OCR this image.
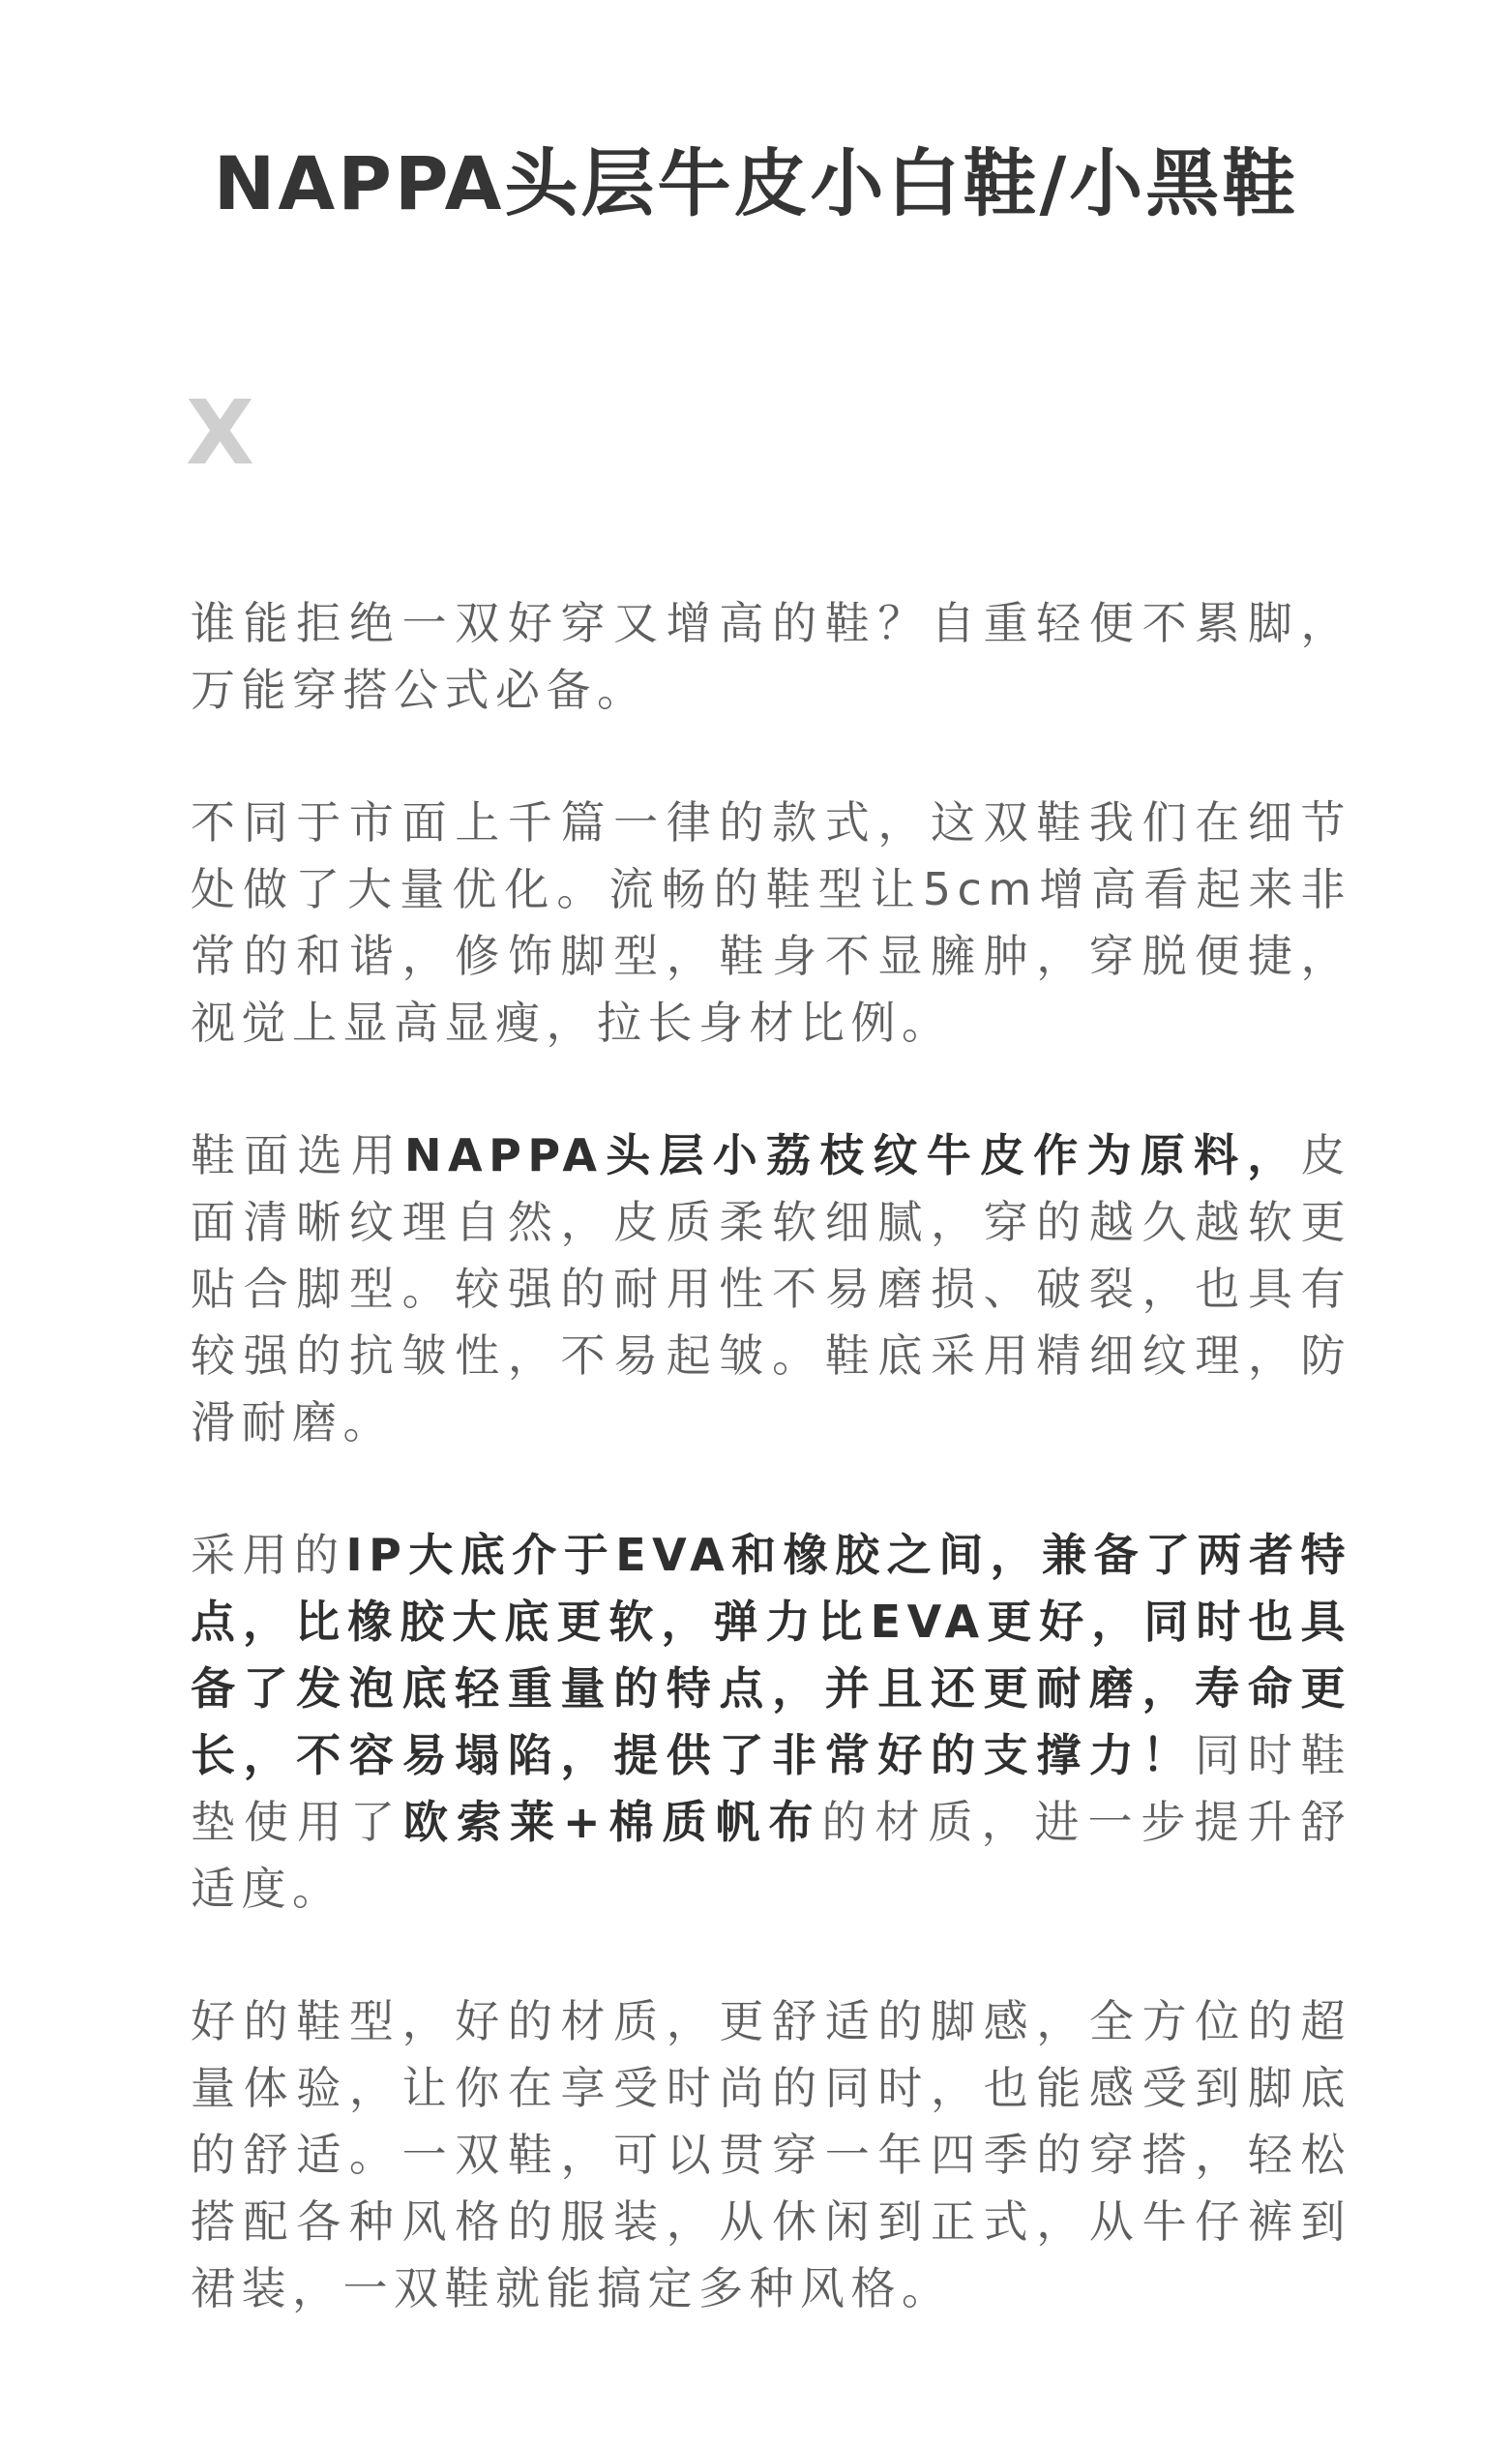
NAPPA头层牛皮小白鞋/小黑鞋
X

谁能拒绝一双好穿又增高的鞋？自重轻便不累脚，万能穿搭公式必备。

不同于市面上千篇一律的款式，这双鞋我们在细节处做了大量优化。流畅的鞋型让5cm增高看起来非常的和谐，修饰脚型，鞋身不显臃肿，穿脱便捷，视觉上显高显瘦，拉长身材比例。

鞋面选用NAPPA头层小荔枝纹牛皮作为原料，皮面清晰纹理自然，皮质柔软细腻，穿的越久越软更贴合脚型。较强的耐用性不易磨损、破裂，也具有较强的抗皱性，不易起皱。鞋底采用精细纹理，防滑耐磨。

采用的IP大底介于EVA和橡胶之间，兼备了两者特点，比橡胶大底更软，弹力比EVA更好，同时也具备了发泡底轻重量的特点，并且还更耐磨，寿命更长，不容易塌陷，提供了非常好的支撑力！同时鞋垫使用了欧索莱+棉质帆布的材质，进一步提升舒适度。

好的鞋型，好的材质，更舒适的脚感，全方位的超量体验，让你在享受时尚的同时，也能感受到脚底的舒适。一双鞋，可以贯穿一年四季的穿搭，轻松搭配各种风格的服装，从休闲到正式，从牛仔裤到裙装，一双鞋就能搞定多种风格。
